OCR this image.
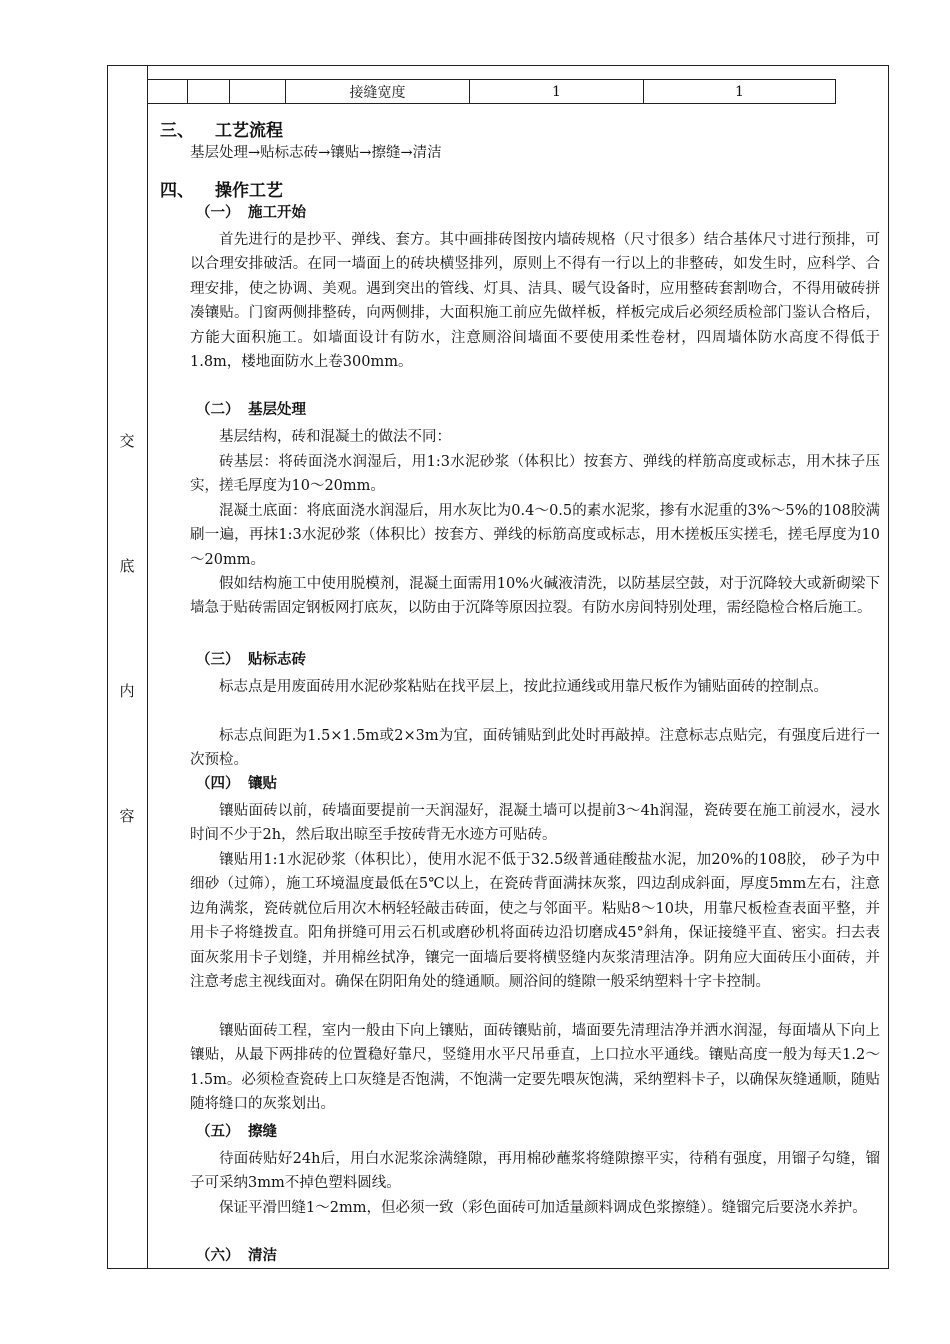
交
底
内
容
			接缝宽度	1	1
三、 工艺流程
基层处理→贴标志砖→镶贴→擦缝→清洁
四、 操作工艺
（一） 施工开始

首先进行的是抄平、弹线、套方。其中画排砖图按内墙砖规格（尺寸很多）结合基体尺寸进行预排，可以合理安排破活。在同一墙面上的砖块横竖排列，原则上不得有一行以上的非整砖，如发生时，应科学、合理安排，使之协调、美观。遇到突出的管线、灯具、洁具、暖气设备时，应用整砖套割吻合，不得用破砖拼凑镶贴。门窗两侧排整砖，向两侧排，大面积施工前应先做样板，样板完成后必须经质检部门鉴认合格后，方能大面积施工。如墙面设计有防水，注意厕浴间墙面不要使用柔性卷材，四周墙体防水高度不得低于1.8m，楼地面防水上卷300mm。

（二） 基层处理

基层结构，砖和混凝土的做法不同：

砖基层：将砖面浇水润湿后，用1:3水泥砂浆（体积比）按套方、弹线的样筋高度或标志，用木抹子压实，搓毛厚度为10～20mm。

混凝土底面：将底面浇水润湿后，用水灰比为0.4～0.5的素水泥浆，掺有水泥重的3%～5%的108胶满刷一遍，再抹1:3水泥砂浆（体积比）按套方、弹线的标筋高度或标志，用木搓板压实搓毛，搓毛厚度为10～20mm。

假如结构施工中使用脱模剂，混凝土面需用10%火碱液清洗，以防基层空鼓，对于沉降较大或新砌梁下墙急于贴砖需固定钢板网打底灰，以防由于沉降等原因拉裂。有防水房间特别处理，需经隐检合格后施工。

（三） 贴标志砖

标志点是用废面砖用水泥砂浆粘贴在找平层上，按此拉通线或用靠尺板作为铺贴面砖的控制点。

标志点间距为1.5×1.5m或2×3m为宜，面砖铺贴到此处时再敲掉。注意标志点贴完，有强度后进行一次预检。

（四） 镶贴

镶贴面砖以前，砖墙面要提前一天润湿好，混凝土墙可以提前3～4h润湿，瓷砖要在施工前浸水，浸水时间不少于2h，然后取出晾至手按砖背无水迹方可贴砖。

镶贴用1:1水泥砂浆（体积比），使用水泥不低于32.5级普通硅酸盐水泥，加20%的108胶， 砂子为中细砂（过筛），施工环境温度最低在5℃以上，在瓷砖背面满抹灰浆，四边刮成斜面，厚度5mm左右，注意边角满浆，瓷砖就位后用次木柄轻轻敲击砖面，使之与邻面平。粘贴8～10块，用靠尺板检查表面平整，并用卡子将缝拨直。阳角拼缝可用云石机或磨砂机将面砖边沿切磨成45°斜角，保证接缝平直、密实。扫去表面灰浆用卡子划缝，并用棉丝拭净，镶完一面墙后要将横竖缝内灰浆清理洁净。阴角应大面砖压小面砖，并注意考虑主视线面对。确保在阴阳角处的缝通顺。厕浴间的缝隙一般采纳塑料十字卡控制。

镶贴面砖工程，室内一般由下向上镶贴，面砖镶贴前，墙面要先清理洁净并洒水润湿，每面墙从下向上镶贴，从最下两排砖的位置稳好靠尺，竖缝用水平尺吊垂直，上口拉水平通线。镶贴高度一般为每天1.2～1.5m。必须检查瓷砖上口灰缝是否饱满，不饱满一定要先喂灰饱满，采纳塑料卡子，以确保灰缝通顺，随贴随将缝口的灰浆划出。

（五） 擦缝

待面砖贴好24h后，用白水泥浆涂满缝隙，再用棉砂蘸浆将缝隙擦平实，待稍有强度，用镏子勾缝，镏子可采纳3mm不掉色塑料圆线。

保证平滑凹缝1～2mm，但必须一致（彩色面砖可加适量颜料调成色浆擦缝）。缝镏完后要浇水养护。

（六） 清洁
